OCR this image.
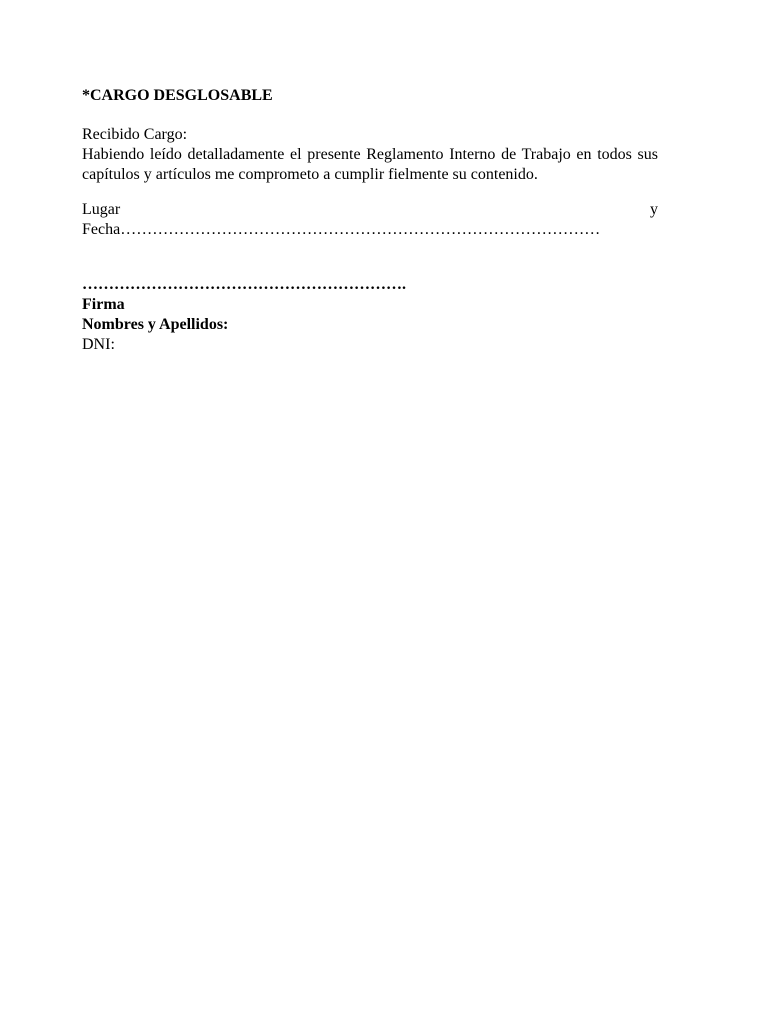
*CARGO DESGLOSABLE

Recibido Cargo:

Habiendo leído detalladamente el presente Reglamento Interno de Trabajo en todos sus capítulos y artículos me comprometo a cumplir fielmente su contenido.

Lugar y

Fecha………………………………………………………………………………

…………………………………………………….

Firma

Nombres y Apellidos:

DNI:
